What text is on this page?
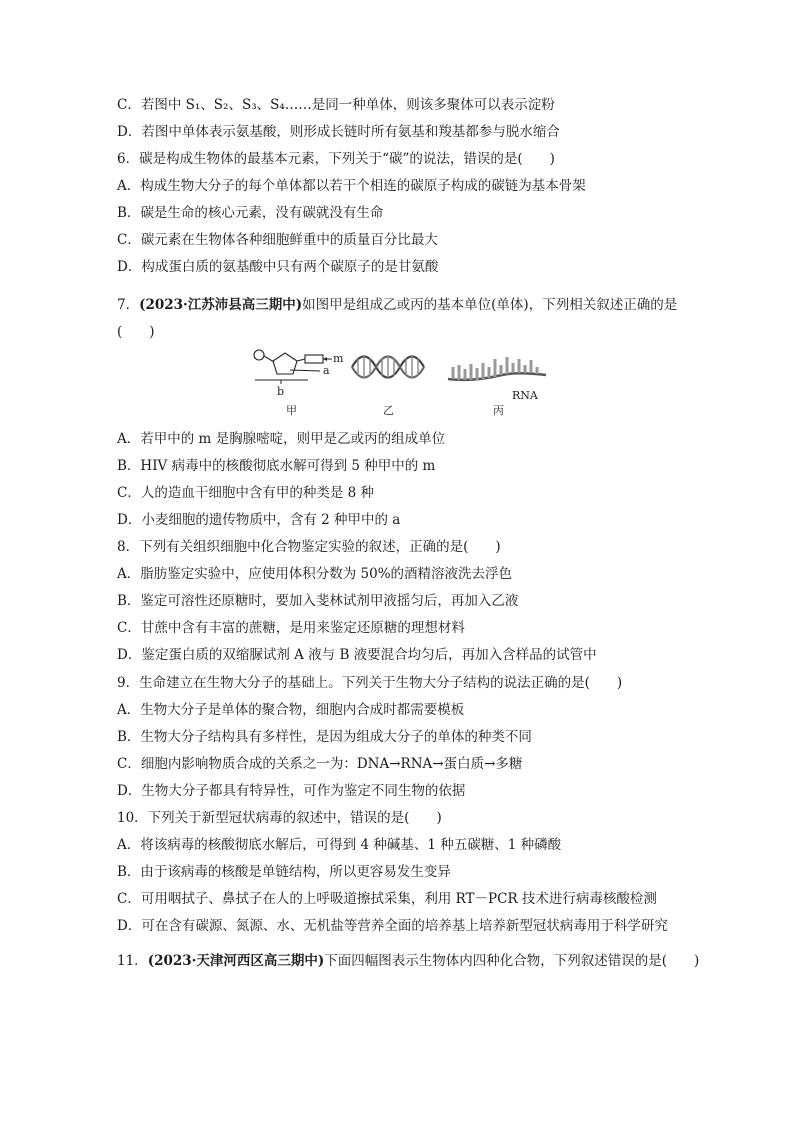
C．若图中 S₁、S₂、S₃、S₄……是同一种单体，则该多聚体可以表示淀粉
D．若图中单体表示氨基酸，则形成长链时所有氨基和羧基都参与脱水缩合
6．碳是构成生物体的最基本元素，下列关于“碳”的说法，错误的是(　　)
A．构成生物大分子的每个单体都以若干个相连的碳原子构成的碳链为基本骨架
B．碳是生命的核心元素，没有碳就没有生命
C．碳元素在生物体各种细胞鲜重中的质量百分比最大
D．构成蛋白质的氨基酸中只有两个碳原子的是甘氨酸
7．(2023·江苏沛县高三期中)如图甲是组成乙或丙的基本单位(单体)，下列相关叙述正确的是
(　　)
m
a
b
甲	乙
RNA
丙
A．若甲中的 m 是胸腺嘧啶，则甲是乙或丙的组成单位
B．HIV 病毒中的核酸彻底水解可得到 5 种甲中的 m
C．人的造血干细胞中含有甲的种类是 8 种
D．小麦细胞的遗传物质中，含有 2 种甲中的 a
8．下列有关组织细胞中化合物鉴定实验的叙述，正确的是(　　)
A．脂肪鉴定实验中，应使用体积分数为 50%的酒精溶液洗去浮色
B．鉴定可溶性还原糖时，要加入斐林试剂甲液摇匀后，再加入乙液
C．甘蔗中含有丰富的蔗糖，是用来鉴定还原糖的理想材料
D．鉴定蛋白质的双缩脲试剂 A 液与 B 液要混合均匀后，再加入含样品的试管中
9．生命建立在生物大分子的基础上。下列关于生物大分子结构的说法正确的是(　　)
A．生物大分子是单体的聚合物，细胞内合成时都需要模板
B．生物大分子结构具有多样性，是因为组成大分子的单体的种类不同
C．细胞内影响物质合成的关系之一为：DNA→RNA→蛋白质→多糖
D．生物大分子都具有特异性，可作为鉴定不同生物的依据
10．下列关于新型冠状病毒的叙述中，错误的是(　　)
A．将该病毒的核酸彻底水解后，可得到 4 种碱基、1 种五碳糖、1 种磷酸
B．由于该病毒的核酸是单链结构，所以更容易发生变异
C．可用咽拭子、鼻拭子在人的上呼吸道擦拭采集，利用 RT－PCR 技术进行病毒核酸检测
D．可在含有碳源、氮源、水、无机盐等营养全面的培养基上培养新型冠状病毒用于科学研究
11．(2023·天津河西区高三期中)下面四幅图表示生物体内四种化合物，下列叙述错误的是(　　)
